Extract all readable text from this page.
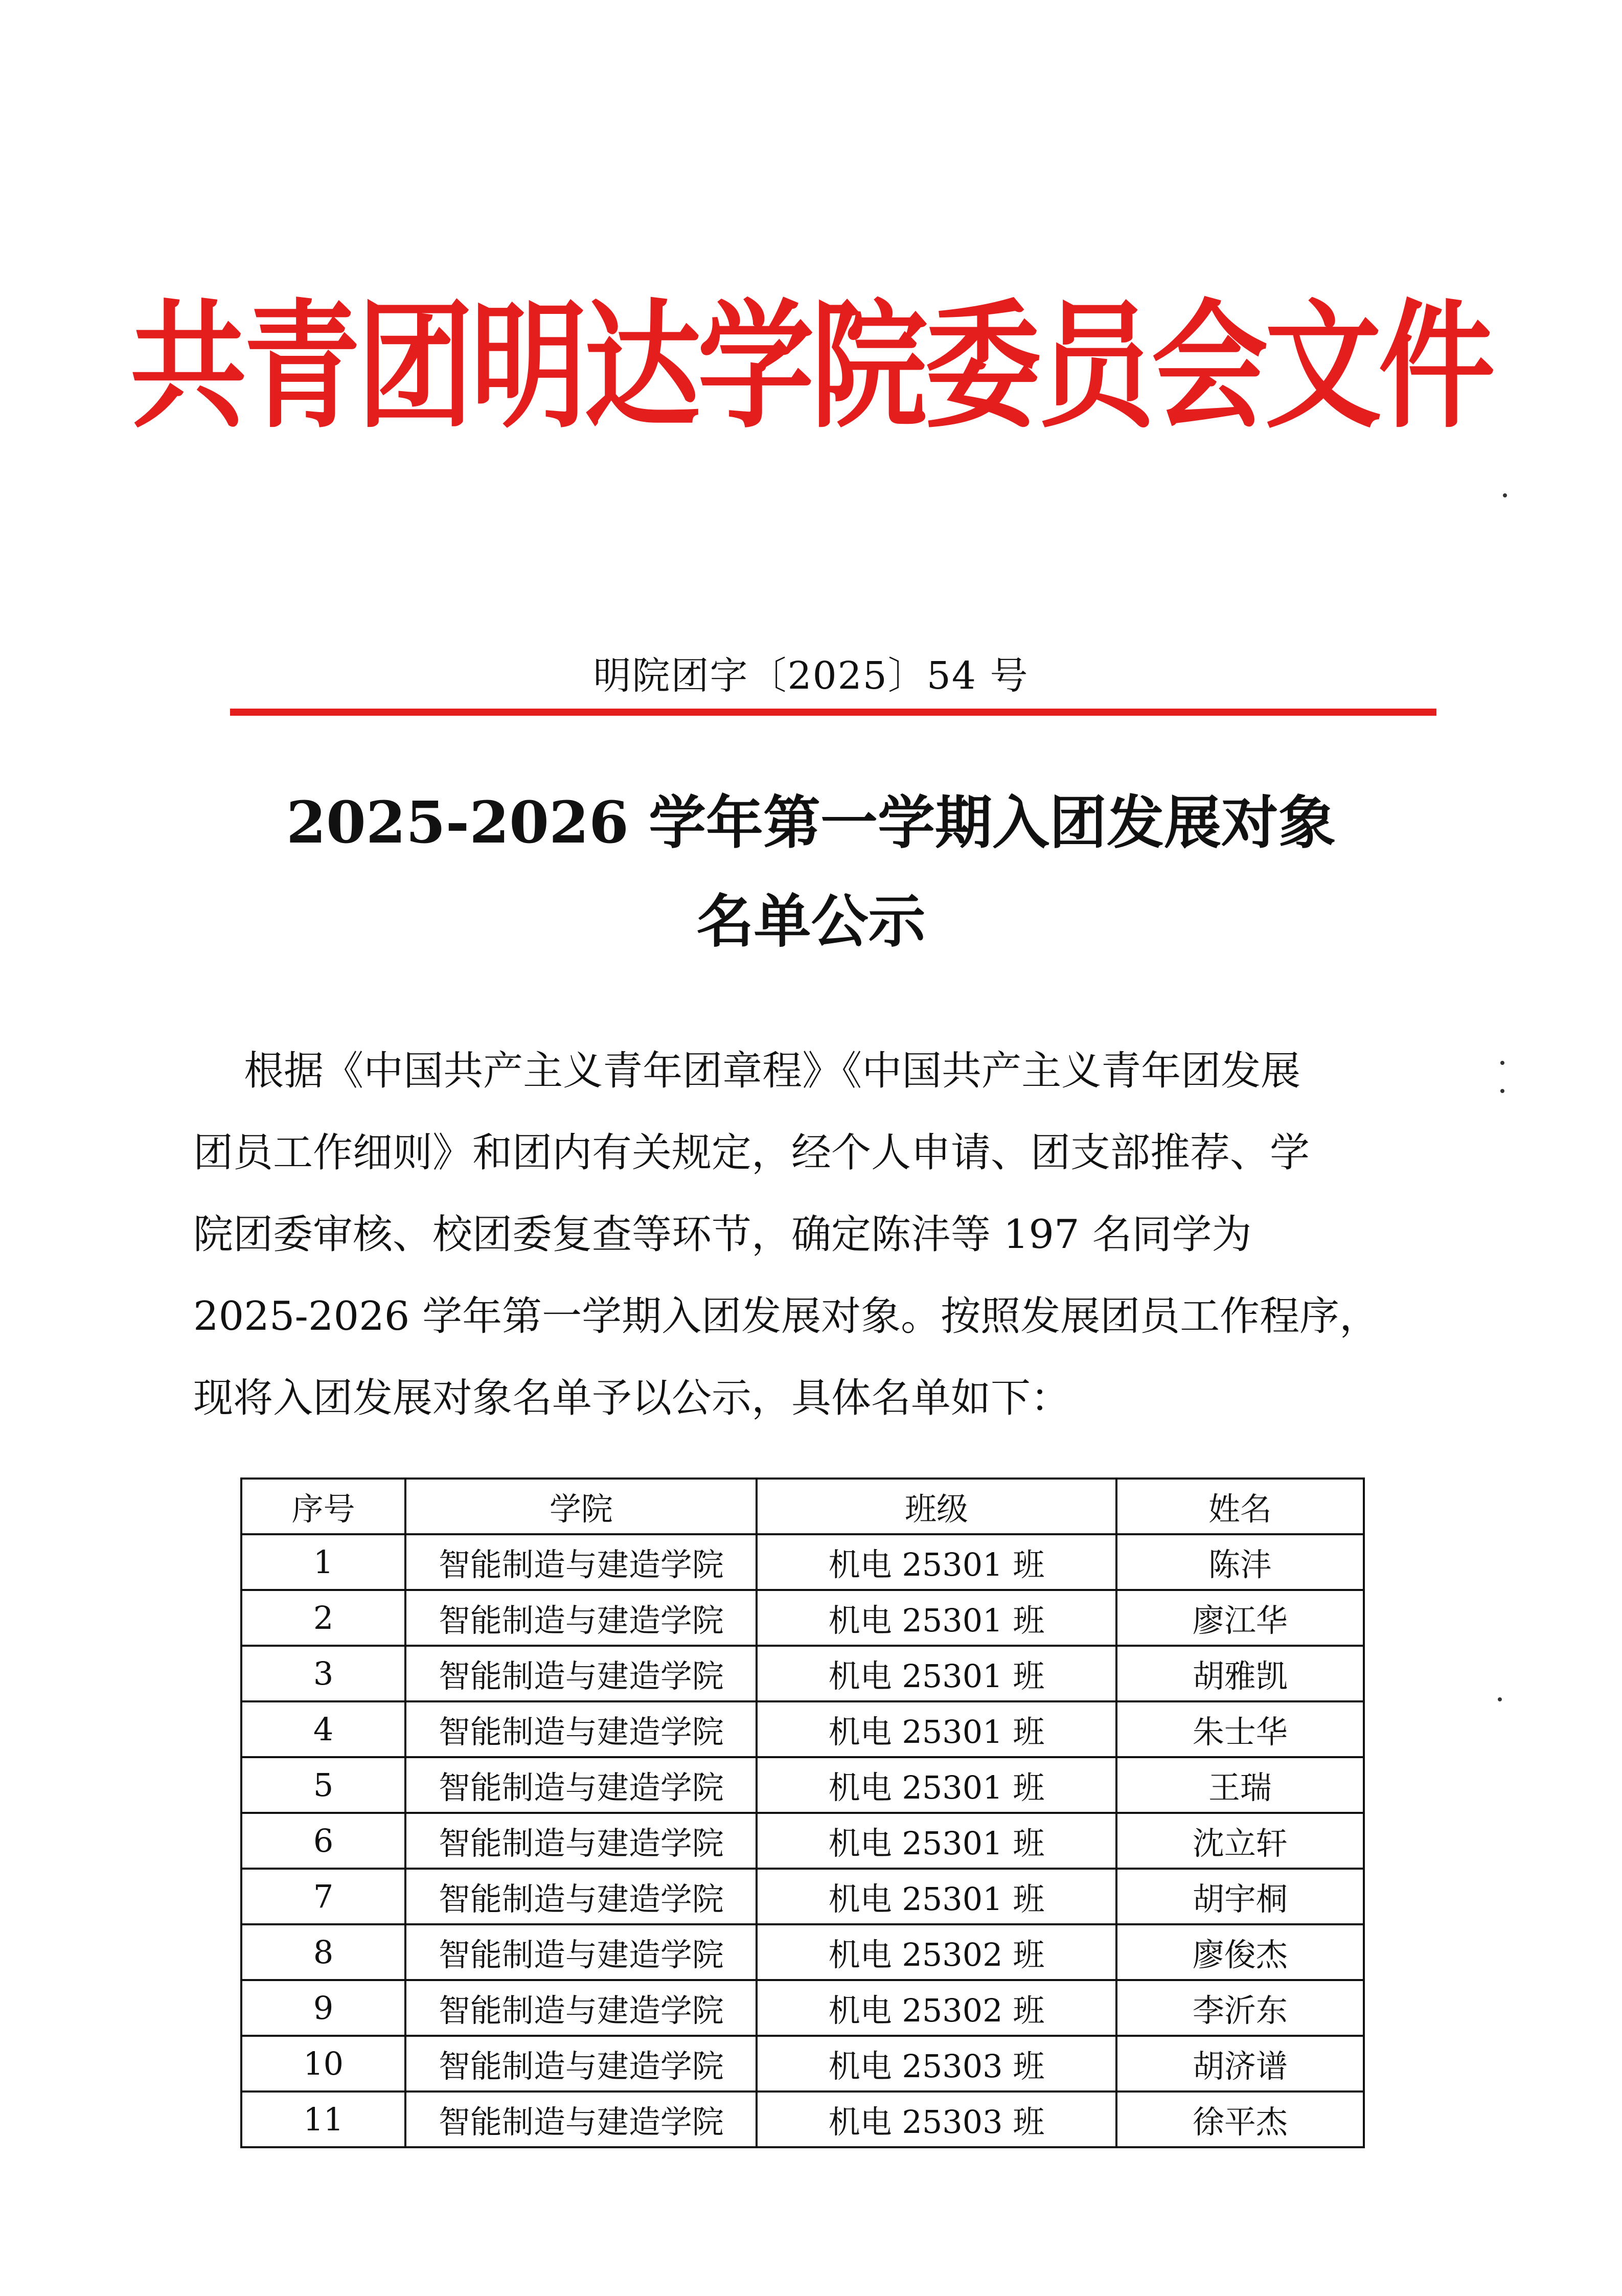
共青团明达学院委员会文件
明院团字〔2025〕54 号
2025-2026 学年第一学期入团发展对象
名单公示
根据《中国共产主义青年团章程》《中国共产主义青年团发展
团员工作细则》和团内有关规定，经个人申请、团支部推荐、学
院团委审核、校团委复查等环节，确定陈沣等 197 名同学为
2025-2026 学年第一学期入团发展对象。按照发展团员工作程序，
现将入团发展对象名单予以公示，具体名单如下：
序号	学院	班级	姓名
1	智能制造与建造学院	机电 25301 班	陈沣
2	智能制造与建造学院	机电 25301 班	廖江华
3	智能制造与建造学院	机电 25301 班	胡雅凯
4	智能制造与建造学院	机电 25301 班	朱士华
5	智能制造与建造学院	机电 25301 班	王瑞
6	智能制造与建造学院	机电 25301 班	沈立轩
7	智能制造与建造学院	机电 25301 班	胡宇桐
8	智能制造与建造学院	机电 25302 班	廖俊杰
9	智能制造与建造学院	机电 25302 班	李沂东
10	智能制造与建造学院	机电 25303 班	胡济谱
11	智能制造与建造学院	机电 25303 班	徐平杰
